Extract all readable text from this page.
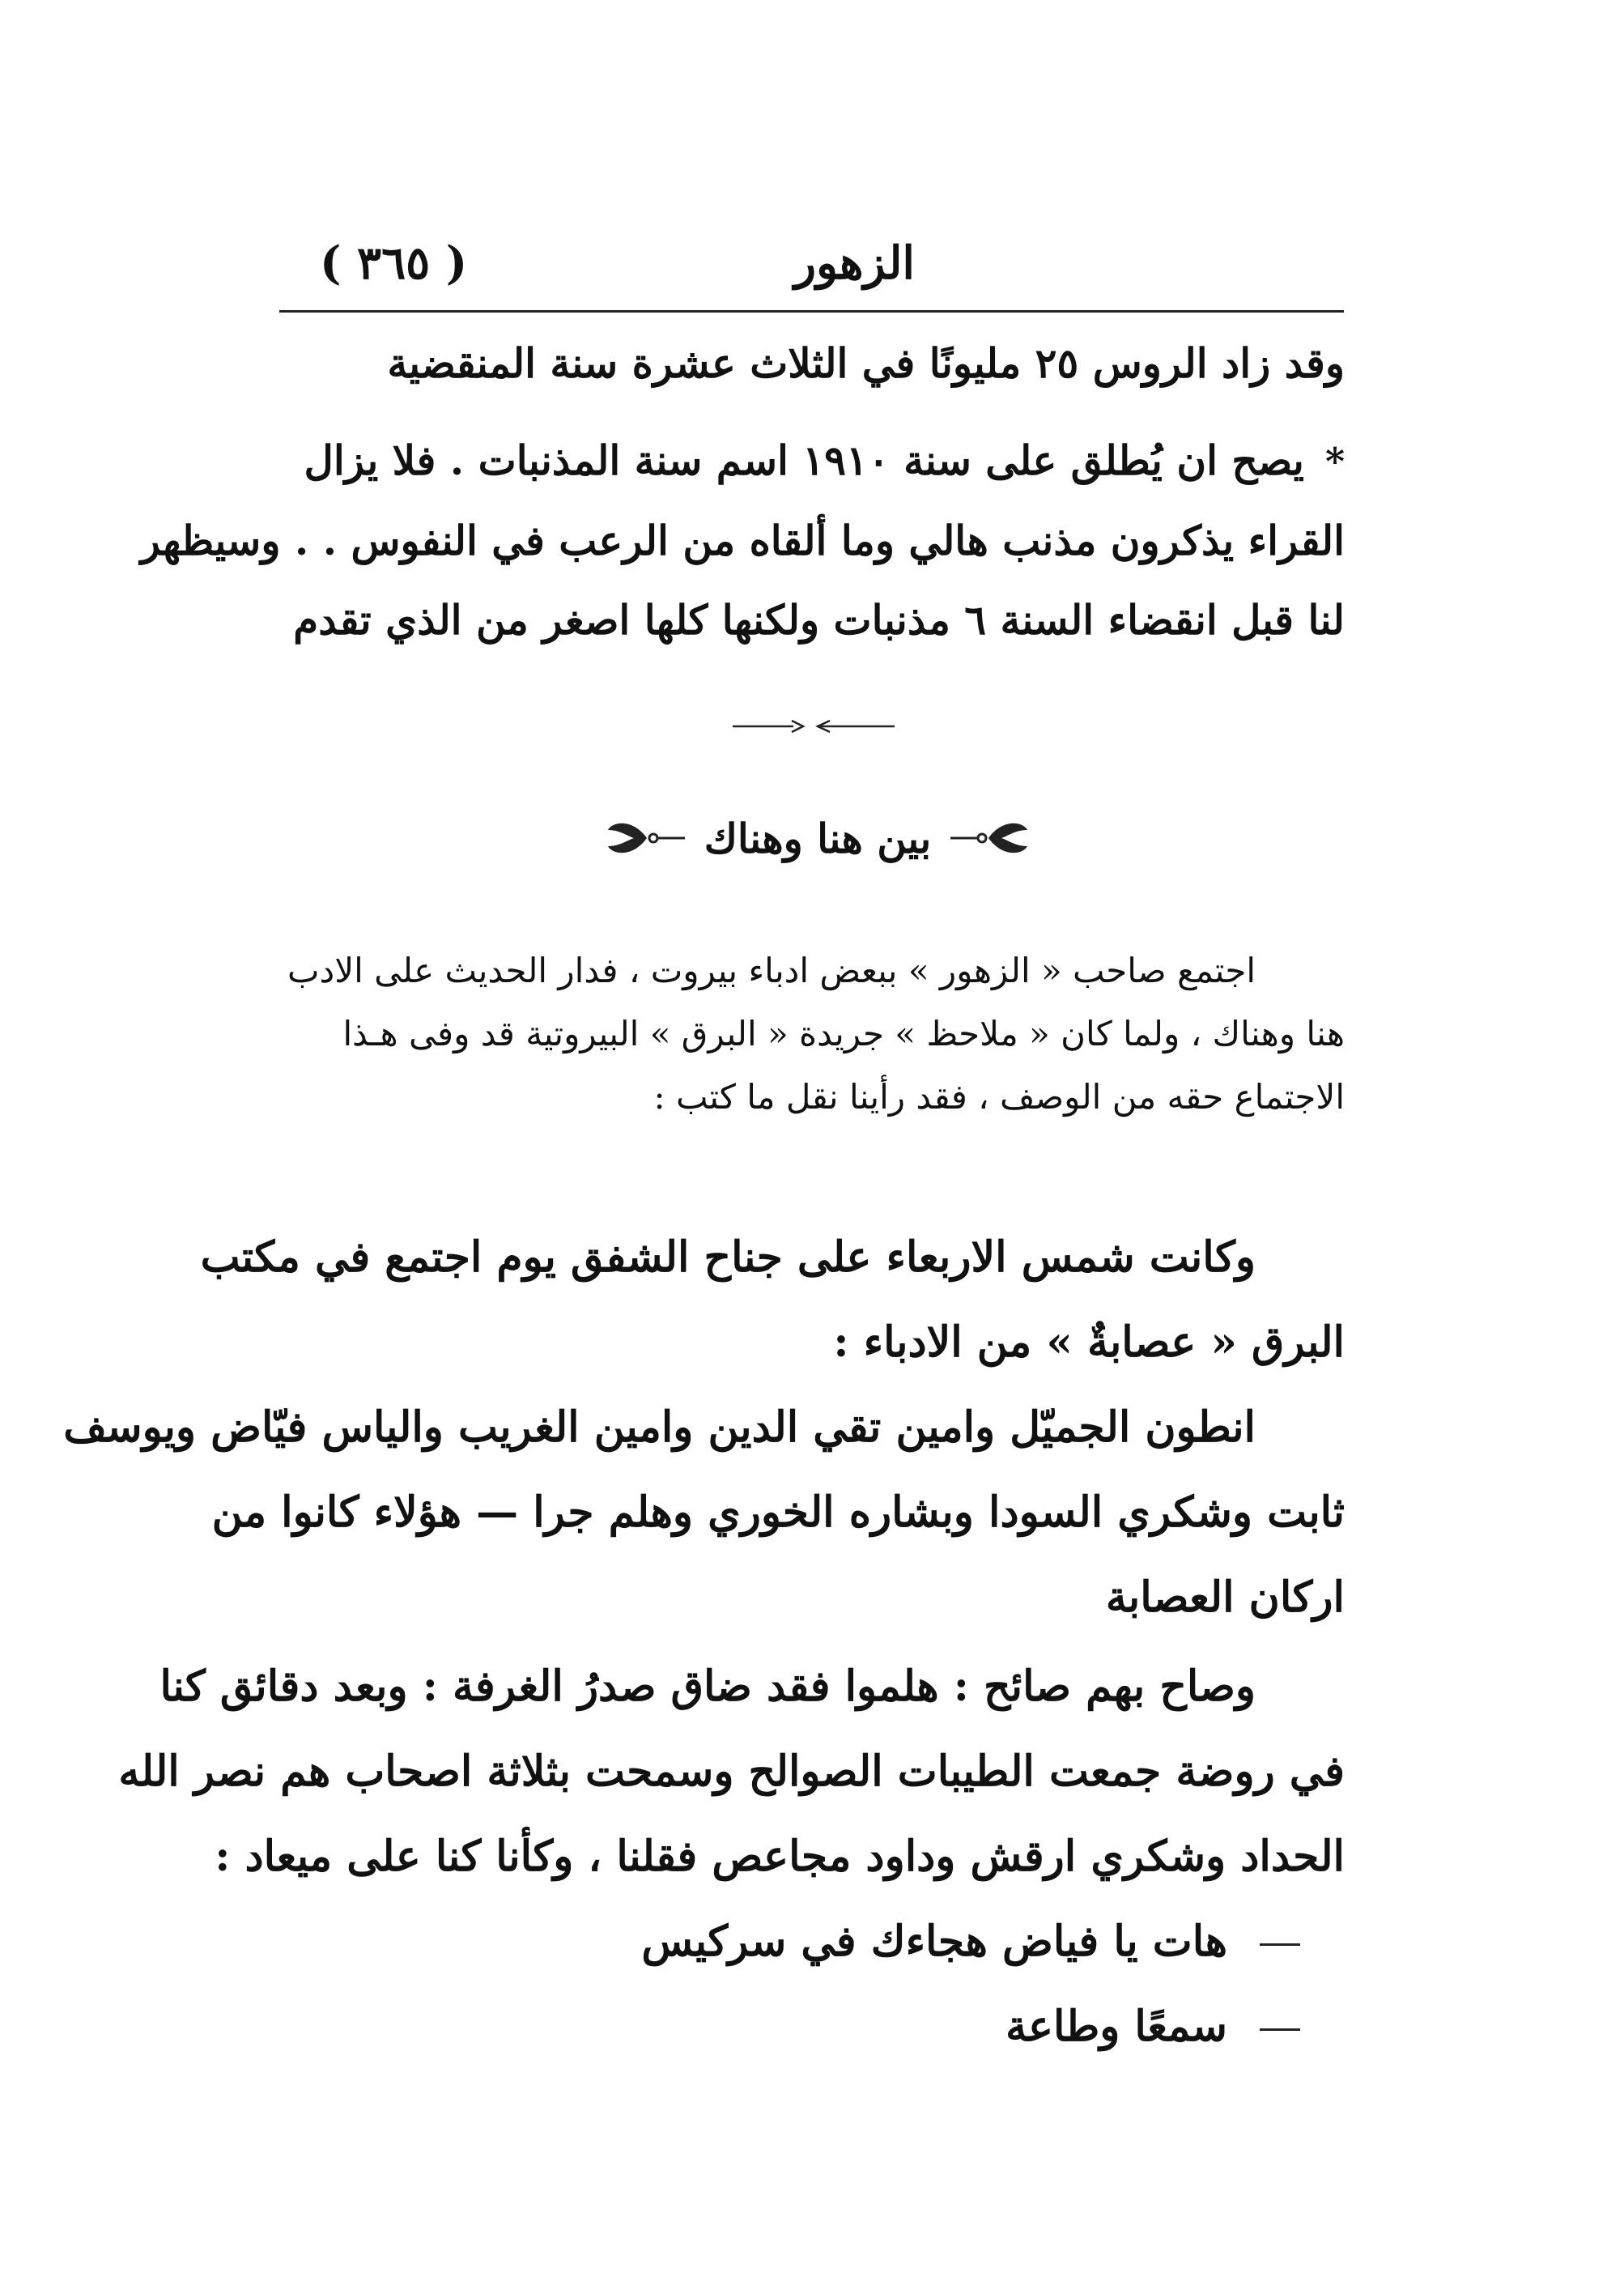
الزهور
( ٣٦٥ )
وقد زاد الروس ٢٥ مليونًا في الثلاث عشرة سنة المنقضية
*يصح ان يُطلق على سنة ١٩١٠ اسم سنة المذنبات . فلا يزال
القراء يذكرون مذنب هالي وما ألقاه من الرعب في النفوس . . وسيظهر
لنا قبل انقضاء السنة ٦ مذنبات ولكنها كلها اصغر من الذي تقدم
بين هنا وهناك
اجتمع صاحب « الزهور » ببعض ادباء بيروت ، فدار الحديث على الادب
هنا وهناك ، ولما كان « ملاحظ » جريدة « البرق » البيروتية قد وفى هـذا
الاجتماع حقه من الوصف ، فقد رأينا نقل ما كتب :
وكانت شمس الاربعاء على جناح الشفق يوم اجتمع في مكتب
البرق « عصابةٌ » من الادباء :
انطون الجميّل وامين تقي الدين وامين الغريب والياس فيّاض ويوسف
ثابت وشكري السودا وبشاره الخوري وهلم جرا — هؤلاء كانوا من
اركان العصابة
وصاح بهم صائح : هلموا فقد ضاق صدرُ الغرفة : وبعد دقائق كنا
في روضة جمعت الطيبات الصوالح وسمحت بثلاثة اصحاب هم نصر الله
الحداد وشكري ارقش وداود مجاعص فقلنا ، وكأنا كنا على ميعاد :
هات يا فياض هجاءك في سركيس
سمعًا وطاعة
